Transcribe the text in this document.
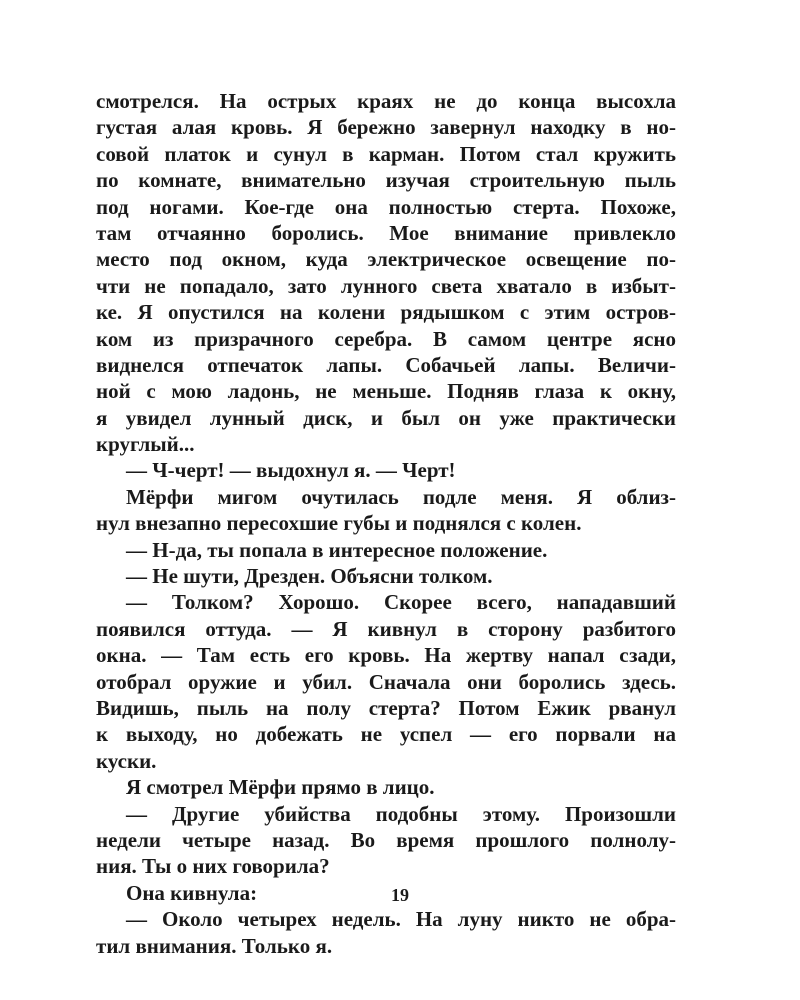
смотрелся. На острых краях не до конца высохла
густая алая кровь. Я бережно завернул находку в но-
совой платок и сунул в карман. Потом стал кружить
по комнате, внимательно изучая строительную пыль
под ногами. Кое-где она полностью стерта. Похоже,
там отчаянно боролись. Мое внимание привлекло
место под окном, куда электрическое освещение по-
чти не попадало, зато лунного света хватало в избыт-
ке. Я опустился на колени рядышком с этим остров-
ком из призрачного серебра. В самом центре ясно
виднелся отпечаток лапы. Собачьей лапы. Величи-
ной с мою ладонь, не меньше. Подняв глаза к окну,
я увидел лунный диск, и был он уже практически
круглый...
— Ч-черт! — выдохнул я. — Черт!
Мёрфи мигом очутилась подле меня. Я облиз-
нул внезапно пересохшие губы и поднялся с колен.
— Н-да, ты попала в интересное положение.
— Не шути, Дрезден. Объясни толком.
— Толком? Хорошо. Скорее всего, нападавший
появился оттуда. — Я кивнул в сторону разбитого
окна. — Там есть его кровь. На жертву напал сзади,
отобрал оружие и убил. Сначала они боролись здесь.
Видишь, пыль на полу стерта? Потом Ежик рванул
к выходу, но добежать не успел — его порвали на
куски.
Я смотрел Мёрфи прямо в лицо.
— Другие убийства подобны этому. Произошли
недели четыре назад. Во время прошлого полнолу-
ния. Ты о них говорила?
Она кивнула:
— Около четырех недель. На луну никто не обра-
тил внимания. Только я.
19
